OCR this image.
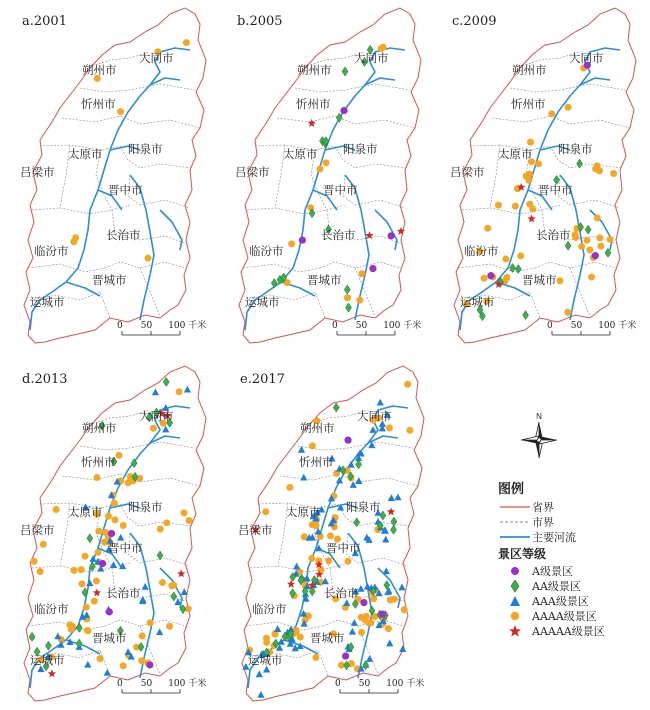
a.2001
朔州市
大同市
忻州市
太原市 阳泉市
吕梁市
晋中市
临汾市
长治市
晋城市
运城市
0 50 100 千米
b.2005
朔州市
大同市
忻州市
太原市 阳泉市
吕梁市
晋中市
临汾市
长治市
晋城市
运城市
0 50 100 千米
c.2009
朔州市
大同市
忻州市
太原市 阳泉市
吕梁市
晋中市
临汾市
长治市
晋城市
运城市
0 50 100 千米
d.2013
朔州市
大同市
忻州市
太原市 阳泉市
吕梁市
晋中市
临汾市
长治市
晋城市
运城市
0 50 100 千米
e.2017
朔州市
大同市
忻州市
太原市 阳泉市
吕梁市
晋中市
临汾市
长治市
晋城市
运城市
0 50 100 千米
N
图例
省界
市界
主要河流
景区等级
A级景区
AA级景区
AAA级景区
AAAA级景区
AAAAA级景区
